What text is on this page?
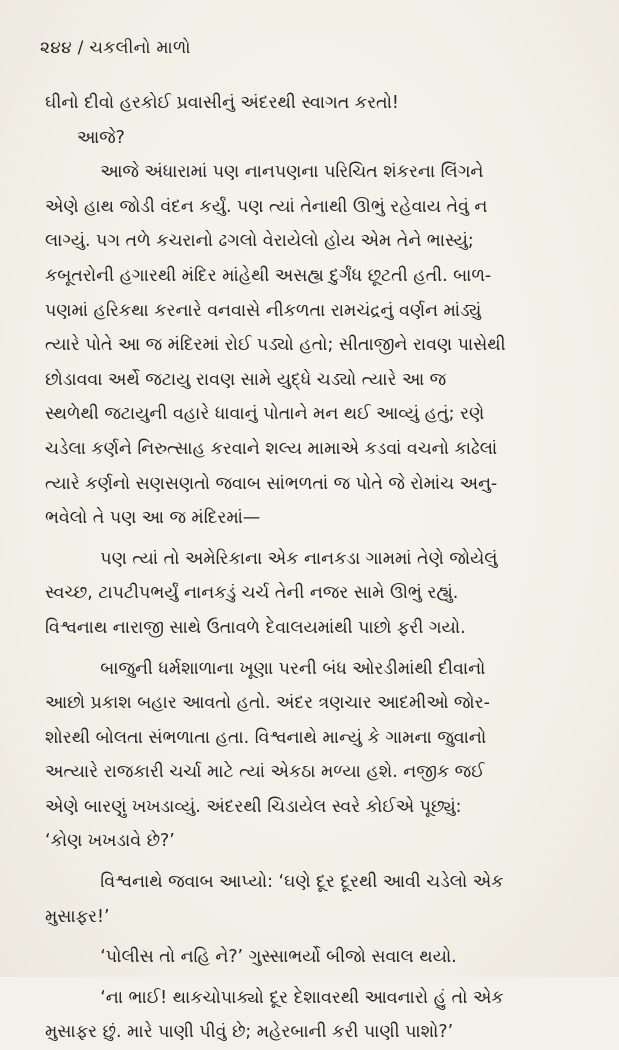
૨૪૪ / ચકલીનો માળો

ઘીનો દીવો હરકોઈ પ્રવાસીનું અંદરથી સ્વાગત કરતો!

આજે?

આજે અંધારામાં પણ નાનપણના પરિચિત શંકરના લિંગને
એણે હાથ જોડી વંદન કર્યું. પણ ત્યાં તેનાથી ઊભું રહેવાય તેવું ન
લાગ્યું. પગ તળે કચરાનો ઢગલો વેરાયેલો હોય એમ તેને ભાસ્યું;
કબૂતરોની હગારથી મંદિર માંહેથી અસહ્ય દુર્ગંધ છૂટતી હતી. બાળ-
પણમાં હરિકથા કરનારે વનવાસે નીકળતા રામચંદ્રનું વર્ણન માંડ્યું
ત્યારે પોતે આ જ મંદિરમાં રોઈ પડ્યો હતો; સીતાજીને રાવણ પાસેથી
છોડાવવા અર્થે જટાયુ રાવણ સામે યુદ્ધે ચડ્યો ત્યારે આ જ
સ્થળેથી જટાયુની વહારે ધાવાનું પોતાને મન થઈ આવ્યું હતું; રણે
ચડેલા કર્ણને નિરુત્સાહ કરવાને શલ્ય મામાએ કડવાં વચનો કાઢેલાં
ત્યારે કર્ણનો સણસણતો જવાબ સાંભળતાં જ પોતે જે રોમાંચ અનુ-
ભવેલો તે પણ આ જ મંદિરમાં—

પણ ત્યાં તો અમેરિકાના એક નાનકડા ગામમાં તેણે જોયેલું
સ્વચ્છ, ટાપટીપભર્યું નાનકડું ચર્ચ તેની નજર સામે ઊભું રહ્યું.
વિશ્વનાથ નારાજી સાથે ઉતાવળે દેવાલયમાંથી પાછો ફરી ગયો.

બાજુની ધર્મશાળાના ખૂણા પરની બંધ ઓરડીમાંથી દીવાનો
આછો પ્રકાશ બહાર આવતો હતો. અંદર ત્રણચાર આદમીઓ જોર-
શોરથી બોલતા સંભળાતા હતા. વિશ્વનાથે માન્યું કે ગામના જુવાનો
અત્યારે રાજકારી ચર્ચા માટે ત્યાં એકઠા મળ્યા હશે. નજીક જઈ
એણે બારણું ખખડાવ્યું. અંદરથી ચિડાયેલ સ્વરે કોઈએ પૂછ્યું:
‘કોણ ખખડાવે છે?’

વિશ્વનાથે જવાબ આપ્યો: ‘ઘણે દૂર દૂરથી આવી ચડેલો એક
મુસાફર!’

‘પોલીસ તો નહિ ને?’ ગુસ્સાભર્યો બીજો સવાલ થયો.

‘ના ભાઈ! થાકચોપાક્યો દૂર દેશાવરથી આવનારો હું તો એક
મુસાફર છું. મારે પાણી પીવું છે; મહેરબાની કરી પાણી પાશો?’
